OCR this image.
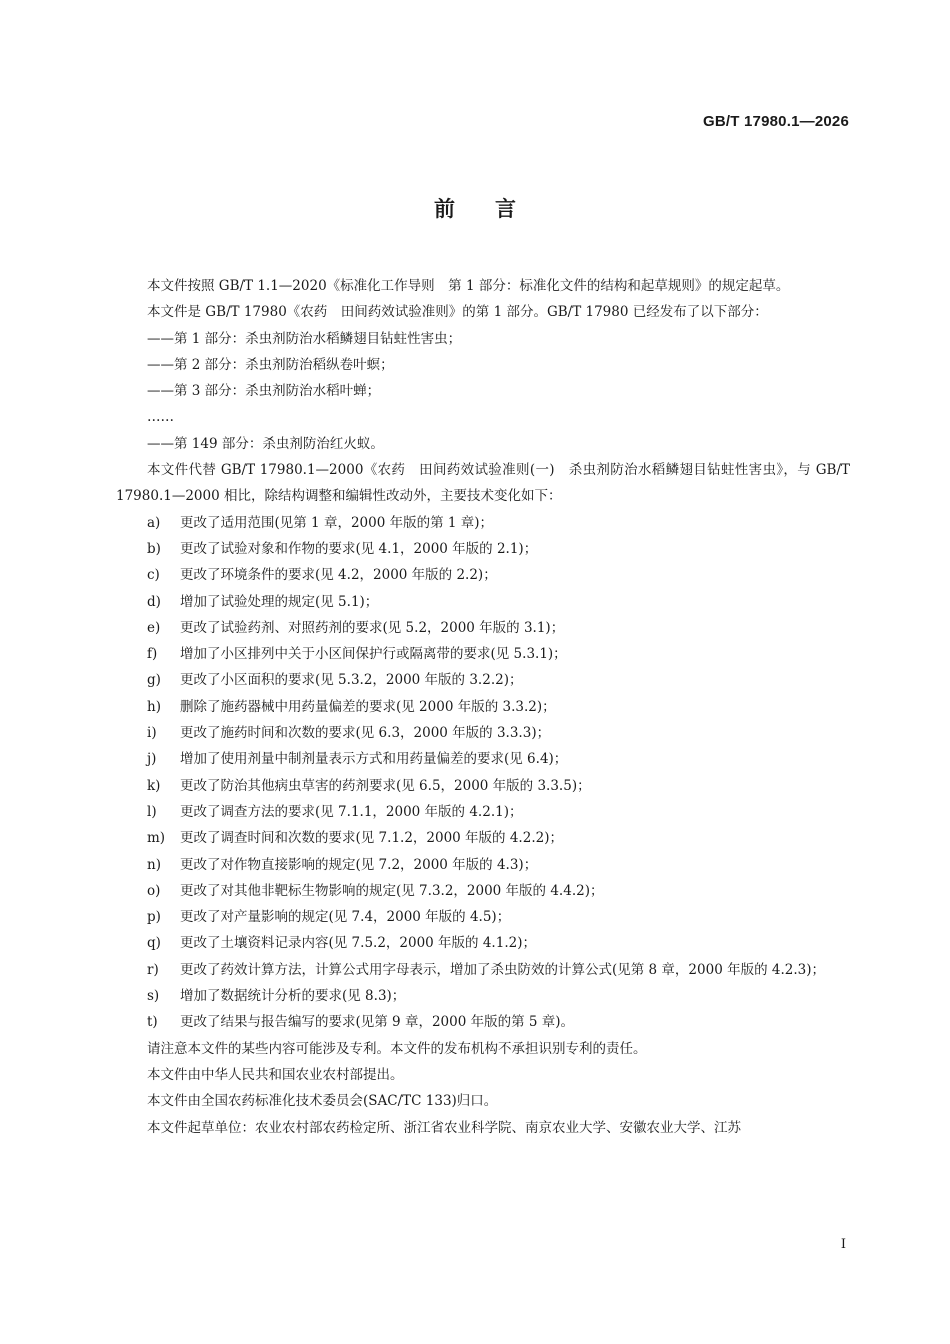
GB/T 17980.1—2026
前言
本文件按照 GB/T 1.1—2020《标准化工作导则　第 1 部分：标准化文件的结构和起草规则》的规定起草。
本文件是 GB/T 17980《农药　田间药效试验准则》的第 1 部分。GB/T 17980 已经发布了以下部分：
——第 1 部分：杀虫剂防治水稻鳞翅目钻蛀性害虫；
——第 2 部分：杀虫剂防治稻纵卷叶螟；
——第 3 部分：杀虫剂防治水稻叶蝉；
……
——第 149 部分：杀虫剂防治红火蚁。
本文件代替 GB/T 17980.1—2000《农药　田间药效试验准则(一)　杀虫剂防治水稻鳞翅目钻蛀性害虫》，与 GB/T 17980.1—2000 相比，除结构调整和编辑性改动外，主要技术变化如下：
a) 更改了适用范围(见第 1 章，2000 年版的第 1 章)；
b) 更改了试验对象和作物的要求(见 4.1，2000 年版的 2.1)；
c) 更改了环境条件的要求(见 4.2，2000 年版的 2.2)；
d) 增加了试验处理的规定(见 5.1)；
e) 更改了试验药剂、对照药剂的要求(见 5.2，2000 年版的 3.1)；
f) 增加了小区排列中关于小区间保护行或隔离带的要求(见 5.3.1)；
g) 更改了小区面积的要求(见 5.3.2，2000 年版的 3.2.2)；
h) 删除了施药器械中用药量偏差的要求(见 2000 年版的 3.3.2)；
i) 更改了施药时间和次数的要求(见 6.3，2000 年版的 3.3.3)；
j) 增加了使用剂量中制剂量表示方式和用药量偏差的要求(见 6.4)；
k) 更改了防治其他病虫草害的药剂要求(见 6.5，2000 年版的 3.3.5)；
l) 更改了调查方法的要求(见 7.1.1，2000 年版的 4.2.1)；
m) 更改了调查时间和次数的要求(见 7.1.2，2000 年版的 4.2.2)；
n) 更改了对作物直接影响的规定(见 7.2，2000 年版的 4.3)；
o) 更改了对其他非靶标生物影响的规定(见 7.3.2，2000 年版的 4.4.2)；
p) 更改了对产量影响的规定(见 7.4，2000 年版的 4.5)；
q) 更改了土壤资料记录内容(见 7.5.2，2000 年版的 4.1.2)；
r) 更改了药效计算方法，计算公式用字母表示，增加了杀虫防效的计算公式(见第 8 章，2000 年版的 4.2.3)；
s) 增加了数据统计分析的要求(见 8.3)；
t) 更改了结果与报告编写的要求(见第 9 章，2000 年版的第 5 章)。
请注意本文件的某些内容可能涉及专利。本文件的发布机构不承担识别专利的责任。
本文件由中华人民共和国农业农村部提出。
本文件由全国农药标准化技术委员会(SAC/TC 133)归口。
本文件起草单位：农业农村部农药检定所、浙江省农业科学院、南京农业大学、安徽农业大学、江苏
I
